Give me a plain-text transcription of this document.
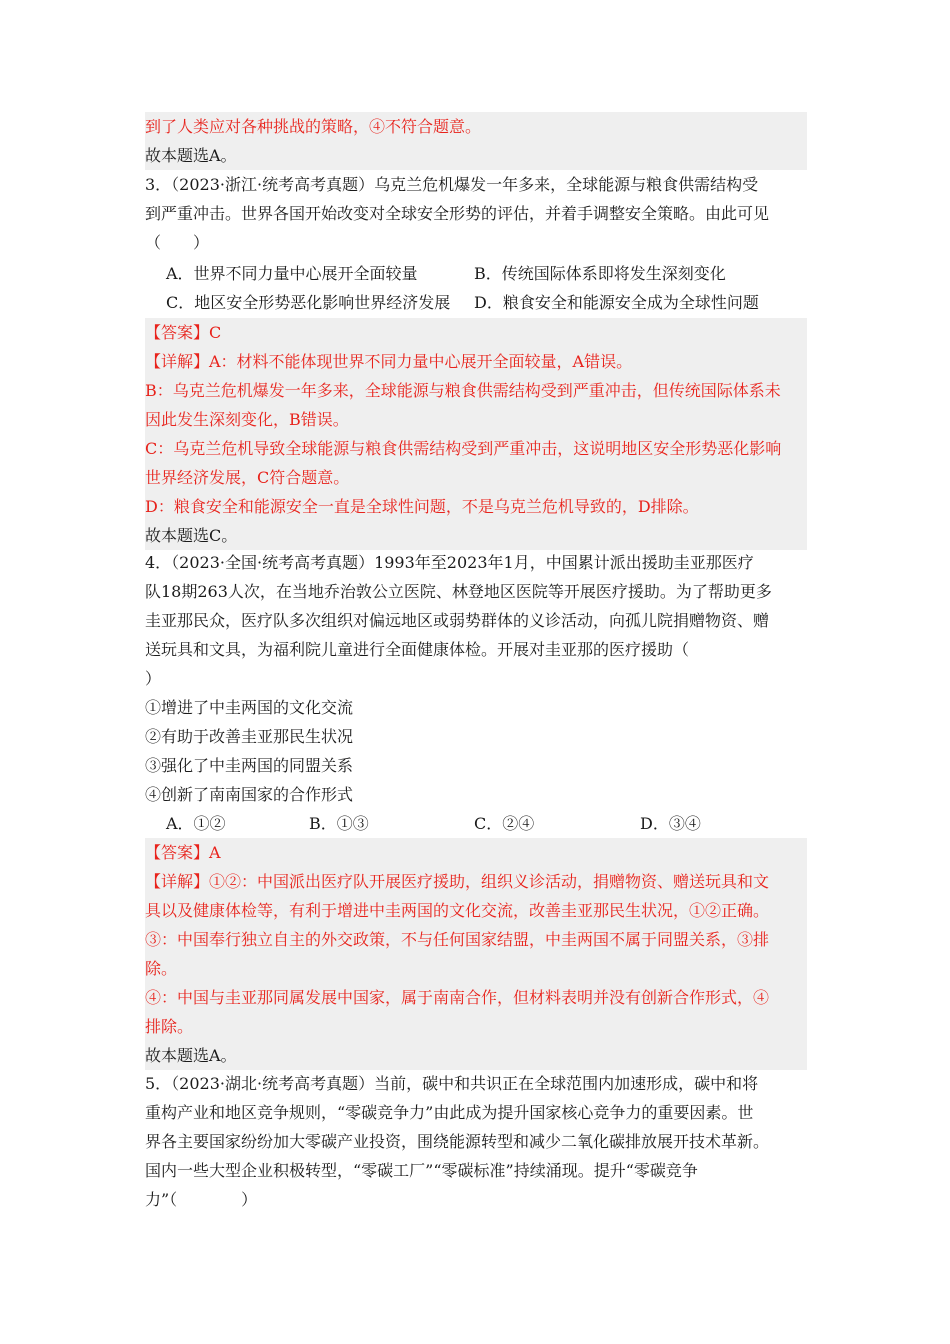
到了人类应对各种挑战的策略，④不符合题意。
故本题选A。
3．（2023·浙江·统考高考真题）乌克兰危机爆发一年多来，全球能源与粮食供需结构受
到严重冲击。世界各国开始改变对全球安全形势的评估，并着手调整安全策略。由此可见
（　　）
A．世界不同力量中心展开全面较量	B．传统国际体系即将发生深刻变化
C．地区安全形势恶化影响世界经济发展 D．粮食安全和能源安全成为全球性问题
【答案】C
【详解】A：材料不能体现世界不同力量中心展开全面较量，A错误。
B：乌克兰危机爆发一年多来，全球能源与粮食供需结构受到严重冲击，但传统国际体系未
因此发生深刻变化，B错误。
C：乌克兰危机导致全球能源与粮食供需结构受到严重冲击，这说明地区安全形势恶化影响
世界经济发展，C符合题意。
D：粮食安全和能源安全一直是全球性问题，不是乌克兰危机导致的，D排除。
故本题选C。
4．（2023·全国·统考高考真题）1993年至2023年1月，中国累计派出援助圭亚那医疗
队18期263人次，在当地乔治敦公立医院、林登地区医院等开展医疗援助。为了帮助更多
圭亚那民众，医疗队多次组织对偏远地区或弱势群体的义诊活动，向孤儿院捐赠物资、赠
送玩具和文具，为福利院儿童进行全面健康体检。开展对圭亚那的医疗援助（
）
①增进了中圭两国的文化交流
②有助于改善圭亚那民生状况
③强化了中圭两国的同盟关系
④创新了南南国家的合作形式
A．①②	B．①③	C．②④	D．③④
【答案】A
【详解】①②：中国派出医疗队开展医疗援助，组织义诊活动，捐赠物资、赠送玩具和文
具以及健康体检等，有利于增进中圭两国的文化交流，改善圭亚那民生状况，①②正确。
③：中国奉行独立自主的外交政策，不与任何国家结盟，中圭两国不属于同盟关系，③排
除。
④：中国与圭亚那同属发展中国家，属于南南合作，但材料表明并没有创新合作形式，④
排除。
故本题选A。
5．（2023·湖北·统考高考真题）当前，碳中和共识正在全球范围内加速形成，碳中和将
重构产业和地区竞争规则，“零碳竞争力”由此成为提升国家核心竞争力的重要因素。世
界各主要国家纷纷加大零碳产业投资，围绕能源转型和减少二氧化碳排放展开技术革新。
国内一些大型企业积极转型，“零碳工厂”“零碳标准”持续涌现。提升“零碳竞争
力”（　　　　）
